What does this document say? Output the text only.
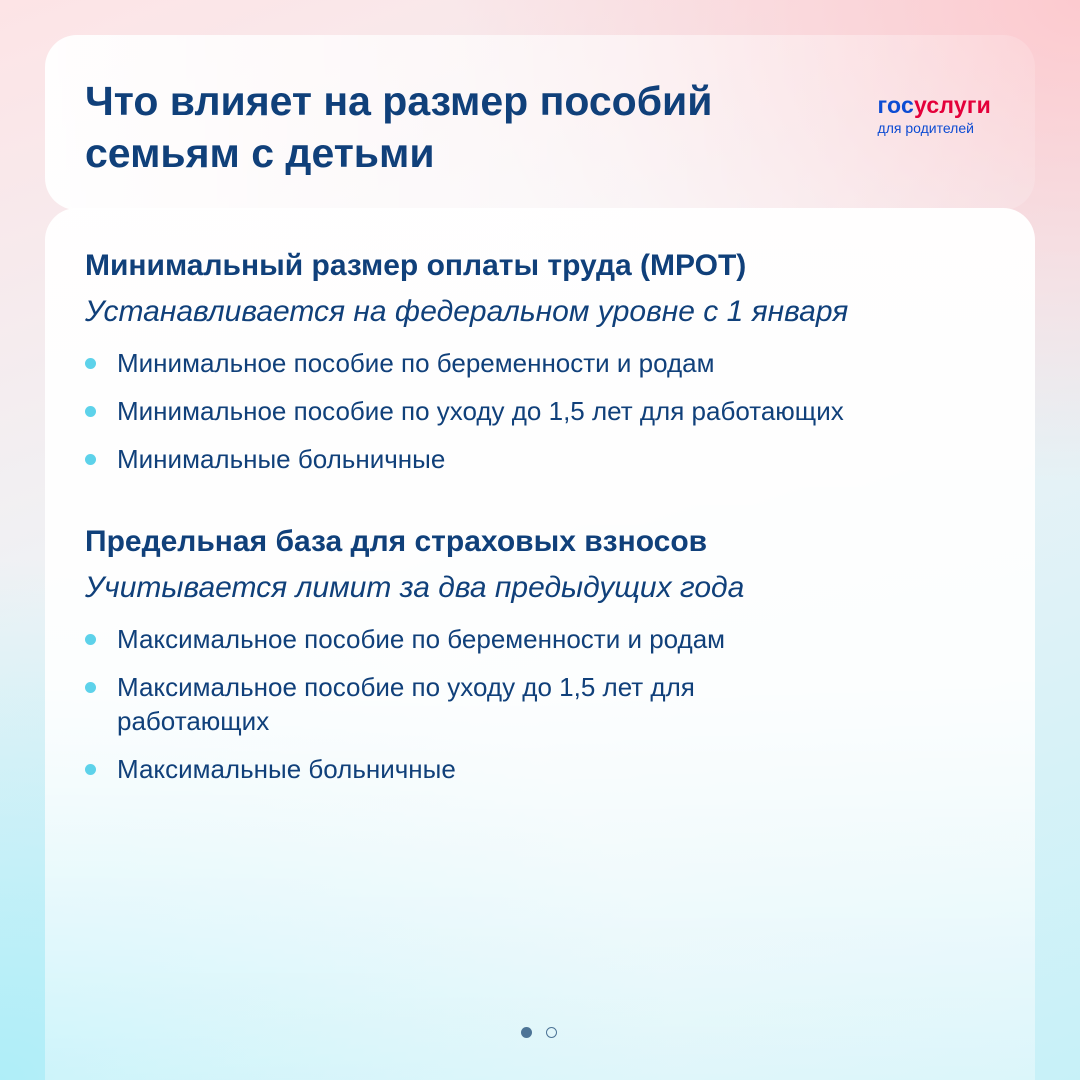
Что влияет на размер пособий семьям с детьми
госуслуги
для родителей
Минимальный размер оплаты труда (МРОТ)

Устанавливается на федеральном уровне с 1 января

Минимальное пособие по беременности и родам
Минимальное пособие по уходу до 1,5 лет для работающих
Минимальные больничные
Предельная база для страховых взносов

Учитывается лимит за два предыдущих года

Максимальное пособие по беременности и родам
Максимальное пособие по уходу до 1,5 лет для работающих
Максимальные больничные
